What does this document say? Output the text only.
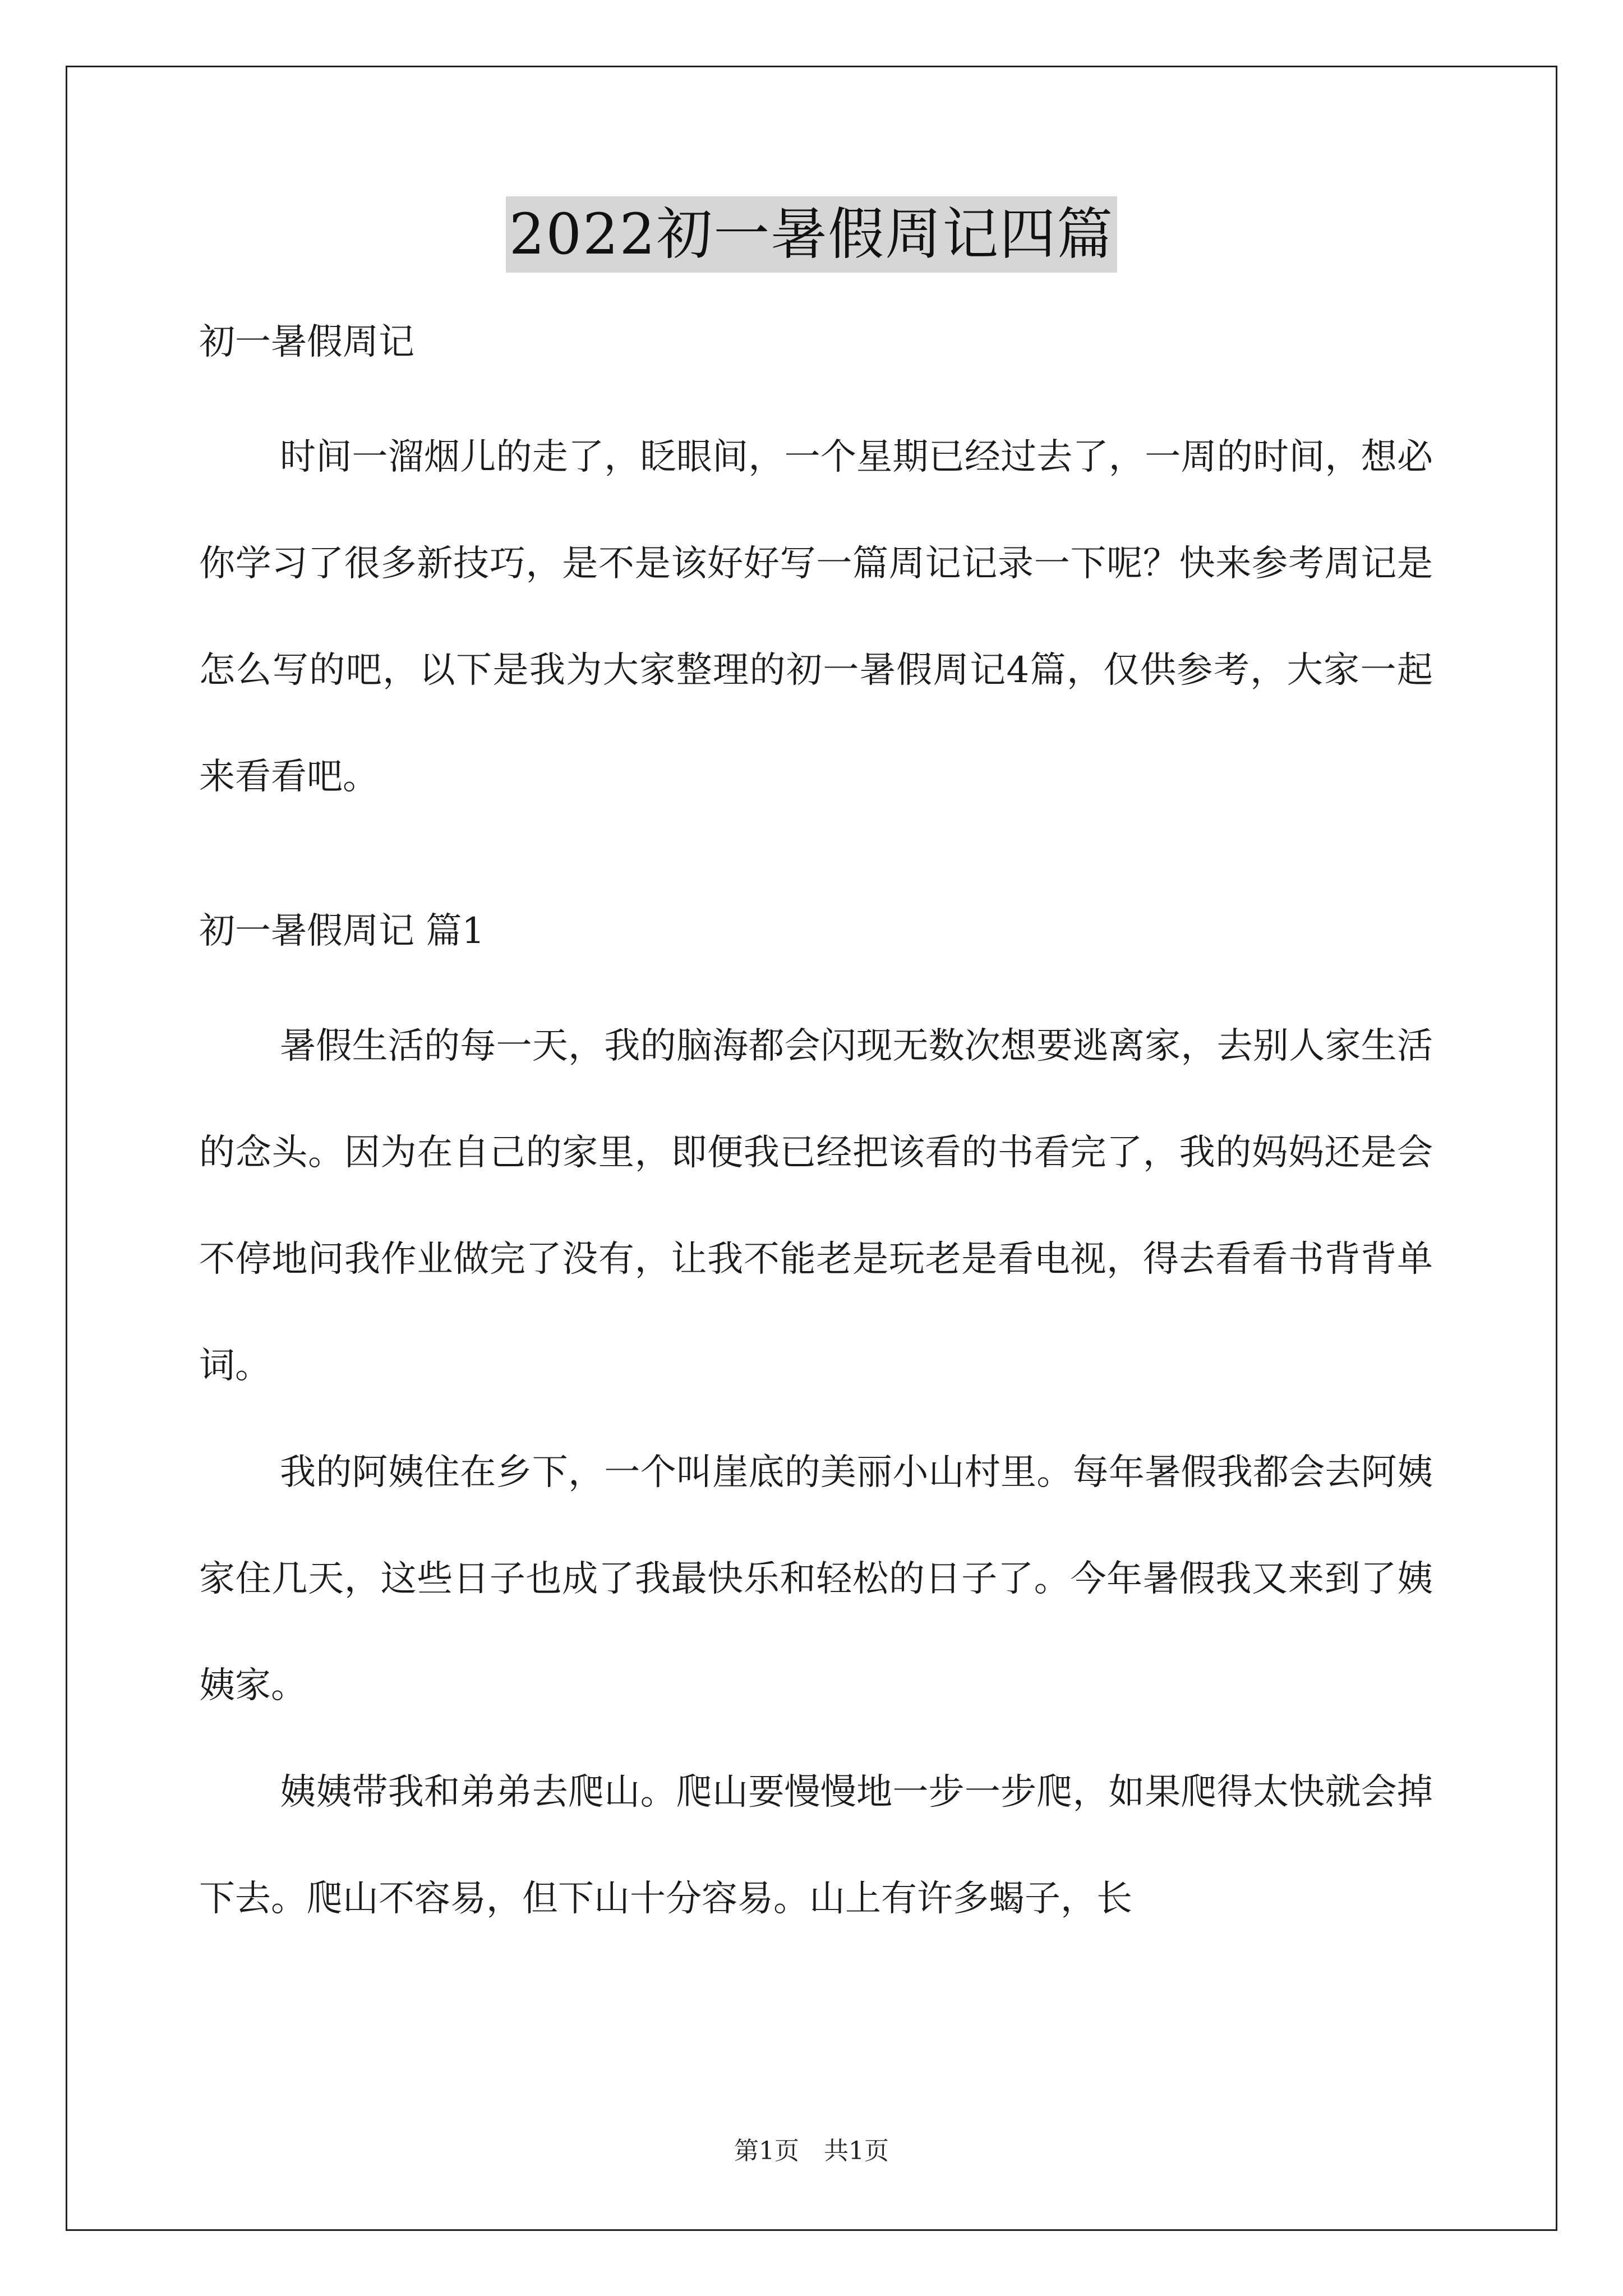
2022初一暑假周记四篇

初一暑假周记

时间一溜烟儿的走了，眨眼间，一个星期已经过去了，一周的时间，想必你学习了很多新技巧，是不是该好好写一篇周记记录一下呢？快来参考周记是怎么写的吧，以下是我为大家整理的初一暑假周记4篇，仅供参考，大家一起来看看吧。

初一暑假周记 篇1

暑假生活的每一天，我的脑海都会闪现无数次想要逃离家，去别人家生活的念头。因为在自己的家里，即便我已经把该看的书看完了，我的妈妈还是会不停地问我作业做完了没有，让我不能老是玩老是看电视，得去看看书背背单词。

我的阿姨住在乡下，一个叫崖底的美丽小山村里。每年暑假我都会去阿姨家住几天，这些日子也成了我最快乐和轻松的日子了。今年暑假我又来到了姨姨家。

姨姨带我和弟弟去爬山。爬山要慢慢地一步一步爬，如果爬得太快就会掉下去。爬山不容易，但下山十分容易。山上有许多蝎子，长

第1页　共1页
